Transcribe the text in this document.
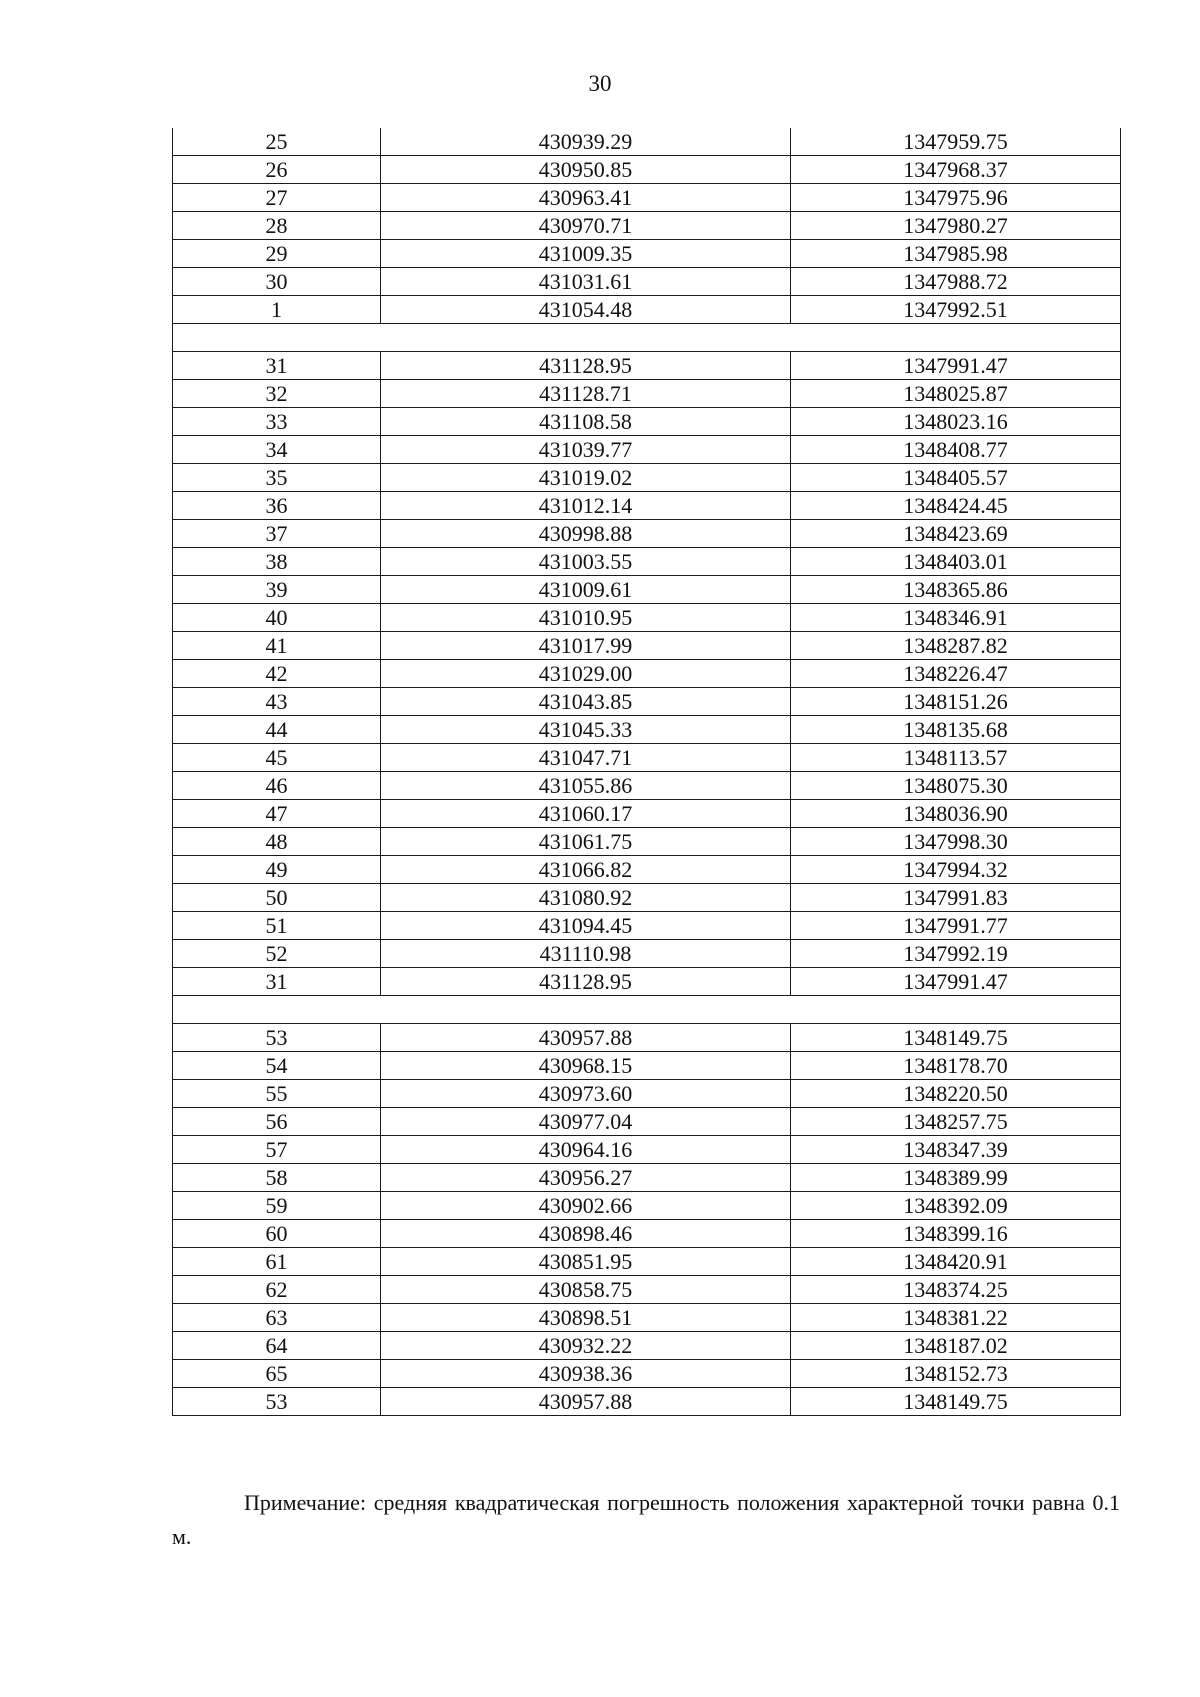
30
25	430939.29	1347959.75
26	430950.85	1347968.37
27	430963.41	1347975.96
28	430970.71	1347980.27
29	431009.35	1347985.98
30	431031.61	1347988.72
1	431054.48	1347992.51

31	431128.95	1347991.47
32	431128.71	1348025.87
33	431108.58	1348023.16
34	431039.77	1348408.77
35	431019.02	1348405.57
36	431012.14	1348424.45
37	430998.88	1348423.69
38	431003.55	1348403.01
39	431009.61	1348365.86
40	431010.95	1348346.91
41	431017.99	1348287.82
42	431029.00	1348226.47
43	431043.85	1348151.26
44	431045.33	1348135.68
45	431047.71	1348113.57
46	431055.86	1348075.30
47	431060.17	1348036.90
48	431061.75	1347998.30
49	431066.82	1347994.32
50	431080.92	1347991.83
51	431094.45	1347991.77
52	431110.98	1347992.19
31	431128.95	1347991.47

53	430957.88	1348149.75
54	430968.15	1348178.70
55	430973.60	1348220.50
56	430977.04	1348257.75
57	430964.16	1348347.39
58	430956.27	1348389.99
59	430902.66	1348392.09
60	430898.46	1348399.16
61	430851.95	1348420.91
62	430858.75	1348374.25
63	430898.51	1348381.22
64	430932.22	1348187.02
65	430938.36	1348152.73
53	430957.88	1348149.75

Примечание: средняя квадратическая погрешность положения характерной точки равна 0.1 м.
